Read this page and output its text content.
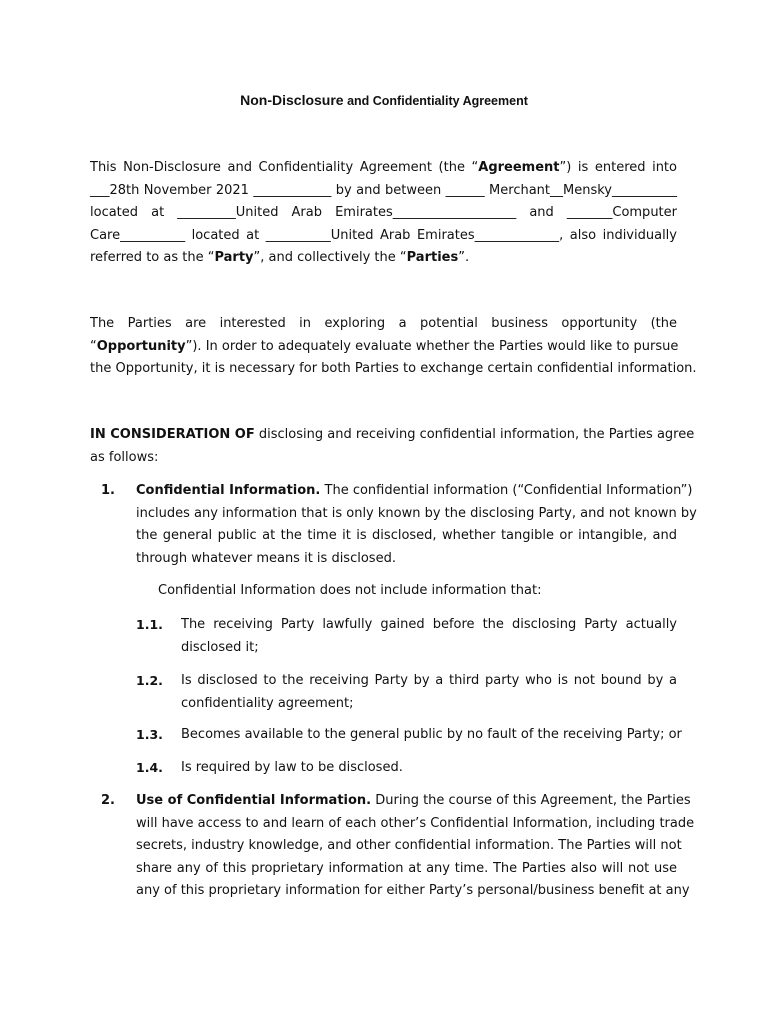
Non-Disclosure and Confidentiality Agreement
This Non-Disclosure and Confidentiality Agreement (the “Agreement”) is entered into
___28th November 2021 ____________ by and between ______ Merchant__Mensky__________
located at _________United Arab Emirates___________________ and _______Computer
Care__________ located at __________United Arab Emirates_____________, also individually
referred to as the “Party”, and collectively the “Parties”.
The Parties are interested in exploring a potential business opportunity (the
“Opportunity”). In order to adequately evaluate whether the Parties would like to pursue
the Opportunity, it is necessary for both Parties to exchange certain confidential information.
IN CONSIDERATION OF disclosing and receiving confidential information, the Parties agree
as follows:
1. Confidential Information. The confidential information (“Confidential Information”)
includes any information that is only known by the disclosing Party, and not known by
the general public at the time it is disclosed, whether tangible or intangible, and
through whatever means it is disclosed.
Confidential Information does not include information that:
1.1. The receiving Party lawfully gained before the disclosing Party actually
disclosed it;
1.2. Is disclosed to the receiving Party by a third party who is not bound by a
confidentiality agreement;
1.3. Becomes available to the general public by no fault of the receiving Party; or
1.4. Is required by law to be disclosed.
2. Use of Confidential Information. During the course of this Agreement, the Parties
will have access to and learn of each other’s Confidential Information, including trade
secrets, industry knowledge, and other confidential information. The Parties will not
share any of this proprietary information at any time. The Parties also will not use
any of this proprietary information for either Party’s personal/business benefit at any
